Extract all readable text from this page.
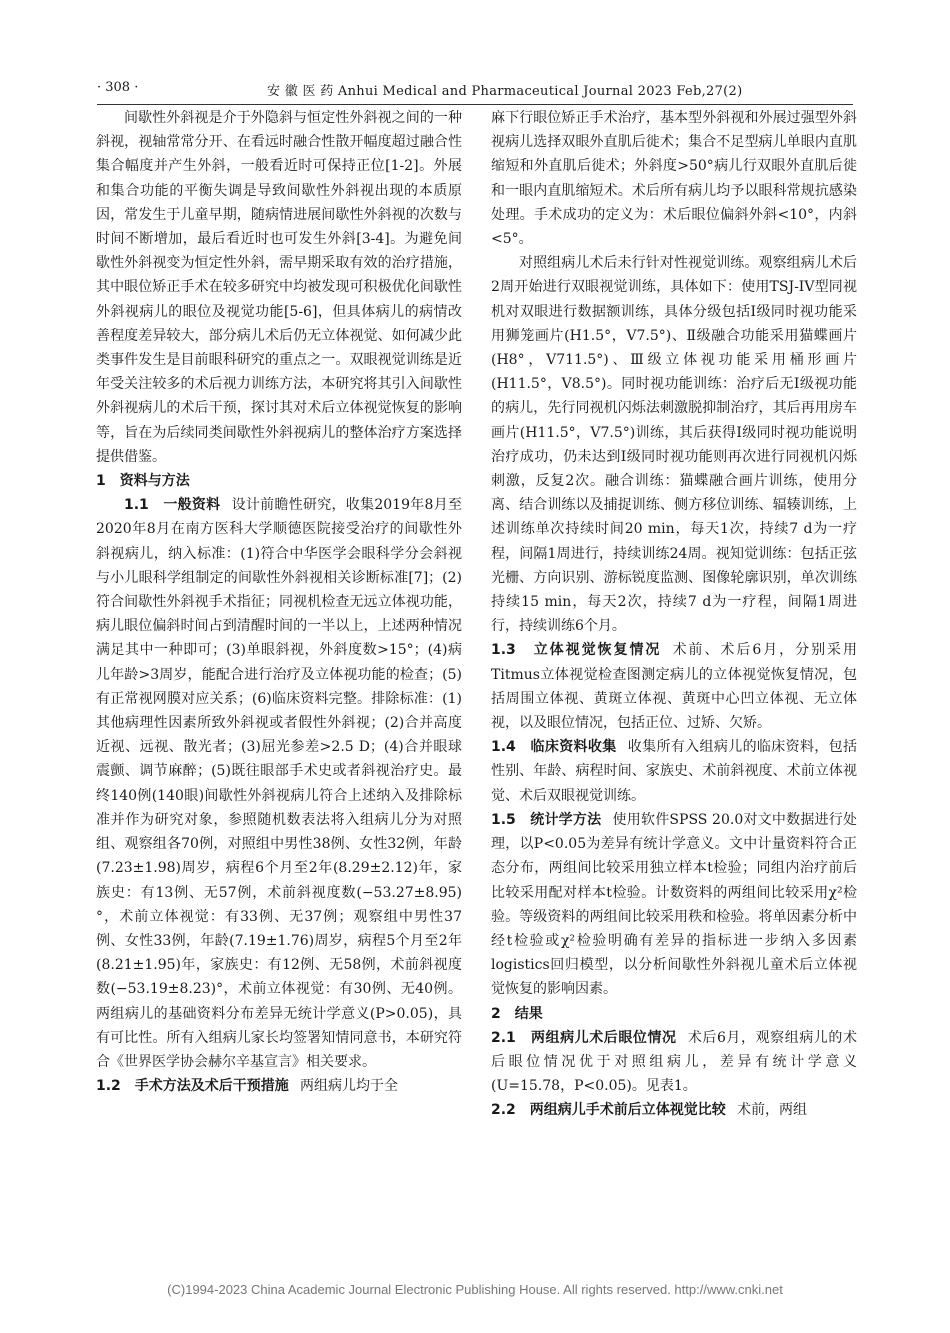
· 308 ·	安 徽 医 药 Anhui Medical and Pharmaceutical Journal 2023 Feb,27(2)

间歇性外斜视是介于外隐斜与恒定性外斜视之间的一种斜视，视轴常常分开、在看远时融合性散开幅度超过融合性集合幅度并产生外斜，一般看近时可保持正位[1-2]。外展和集合功能的平衡失调是导致间歇性外斜视出现的本质原因，常发生于儿童早期，随病情进展间歇性外斜视的次数与时间不断增加，最后看近时也可发生外斜[3-4]。为避免间歇性外斜视变为恒定性外斜，需早期采取有效的治疗措施，其中眼位矫正手术在较多研究中均被发现可积极优化间歇性外斜视病儿的眼位及视觉功能[5-6]，但具体病儿的病情改善程度差异较大，部分病儿术后仍无立体视觉、如何减少此类事件发生是目前眼科研究的重点之一。双眼视觉训练是近年受关注较多的术后视力训练方法，本研究将其引入间歇性外斜视病儿的术后干预，探讨其对术后立体视觉恢复的影响等，旨在为后续同类间歇性外斜视病儿的整体治疗方案选择提供借鉴。

1　资料与方法

1.1　一般资料 设计前瞻性研究，收集2019年8月至2020年8月在南方医科大学顺德医院接受治疗的间歇性外斜视病儿，纳入标准：(1)符合中华医学会眼科学分会斜视与小儿眼科学组制定的间歇性外斜视相关诊断标准[7]；(2)符合间歇性外斜视手术指征；同视机检查无远立体视功能，病儿眼位偏斜时间占到清醒时间的一半以上，上述两种情况满足其中一种即可；(3)单眼斜视，外斜度数>15°；(4)病儿年龄>3周岁，能配合进行治疗及立体视功能的检查；(5)有正常视网膜对应关系；(6)临床资料完整。排除标准：(1)其他病理性因素所致外斜视或者假性外斜视；(2)合并高度近视、远视、散光者；(3)屈光参差>2.5 D；(4)合并眼球震颤、调节麻醉；(5)既往眼部手术史或者斜视治疗史。最终140例(140眼)间歇性外斜视病儿符合上述纳入及排除标准并作为研究对象，参照随机数表法将入组病儿分为对照组、观察组各70例，对照组中男性38例、女性32例，年龄(7.23±1.98)周岁，病程6个月至2年(8.29±2.12)年，家族史：有13例、无57例，术前斜视度数(−53.27±8.95)°，术前立体视觉：有33例、无37例；观察组中男性37例、女性33例，年龄(7.19±1.76)周岁，病程5个月至2年(8.21±1.95)年，家族史：有12例、无58例，术前斜视度数(−53.19±8.23)°，术前立体视觉：有30例、无40例。两组病儿的基础资料分布差异无统计学意义(P>0.05)，具有可比性。所有入组病儿家长均签署知情同意书，本研究符合《世界医学协会赫尔辛基宣言》相关要求。

1.2　手术方法及术后干预措施 两组病儿均于全

麻下行眼位矫正手术治疗，基本型外斜视和外展过强型外斜视病儿选择双眼外直肌后徙术；集合不足型病儿单眼内直肌缩短和外直肌后徙术；外斜度>50°病儿行双眼外直肌后徙和一眼内直肌缩短术。术后所有病儿均予以眼科常规抗感染处理。手术成功的定义为：术后眼位偏斜外斜<10°，内斜<5°。

对照组病儿术后未行针对性视觉训练。观察组病儿术后2周开始进行双眼视觉训练，具体如下：使用TSJ-IV型同视机对双眼进行数据额训练，具体分级包括Ⅰ级同时视功能采用狮笼画片(H1.5°，V7.5°)、Ⅱ级融合功能采用猫蝶画片(H8°，V711.5°)、Ⅲ级立体视功能采用桶形画片(H11.5°，V8.5°)。同时视功能训练：治疗后无Ⅰ级视功能的病儿，先行同视机闪烁法刺激脱抑制治疗，其后再用房车画片(H11.5°，V7.5°)训练，其后获得Ⅰ级同时视功能说明治疗成功，仍未达到Ⅰ级同时视功能则再次进行同视机闪烁刺激，反复2次。融合训练：猫蝶融合画片训练，使用分离、结合训练以及捕捉训练、侧方移位训练、辐辏训练，上述训练单次持续时间20 min，每天1次，持续7 d为一疗程，间隔1周进行，持续训练24周。视知觉训练：包括正弦光栅、方向识别、游标锐度监测、图像轮廓识别，单次训练持续15 min，每天2次，持续7 d为一疗程，间隔1周进行，持续训练6个月。

1.3　立体视觉恢复情况 术前、术后6月，分别采用Titmus立体视觉检查图测定病儿的立体视觉恢复情况，包括周围立体视、黄斑立体视、黄斑中心凹立体视、无立体视，以及眼位情况，包括正位、过矫、欠矫。

1.4　临床资料收集 收集所有入组病儿的临床资料，包括性别、年龄、病程时间、家族史、术前斜视度、术前立体视觉、术后双眼视觉训练。

1.5　统计学方法 使用软件SPSS 20.0对文中数据进行处理，以P<0.05为差异有统计学意义。文中计量资料符合正态分布，两组间比较采用独立样本t检验；同组内治疗前后比较采用配对样本t检验。计数资料的两组间比较采用χ²检验。等级资料的两组间比较采用秩和检验。将单因素分析中经t检验或χ²检验明确有差异的指标进一步纳入多因素logistics回归模型，以分析间歇性外斜视儿童术后立体视觉恢复的影响因素。

2　结果

2.1　两组病儿术后眼位情况 术后6月，观察组病儿的术后眼位情况优于对照组病儿，差异有统计学意义(U=15.78，P<0.05)。见表1。

2.2　两组病儿手术前后立体视觉比较 术前，两组

(C)1994-2023 China Academic Journal Electronic Publishing House. All rights reserved. http://www.cnki.net
